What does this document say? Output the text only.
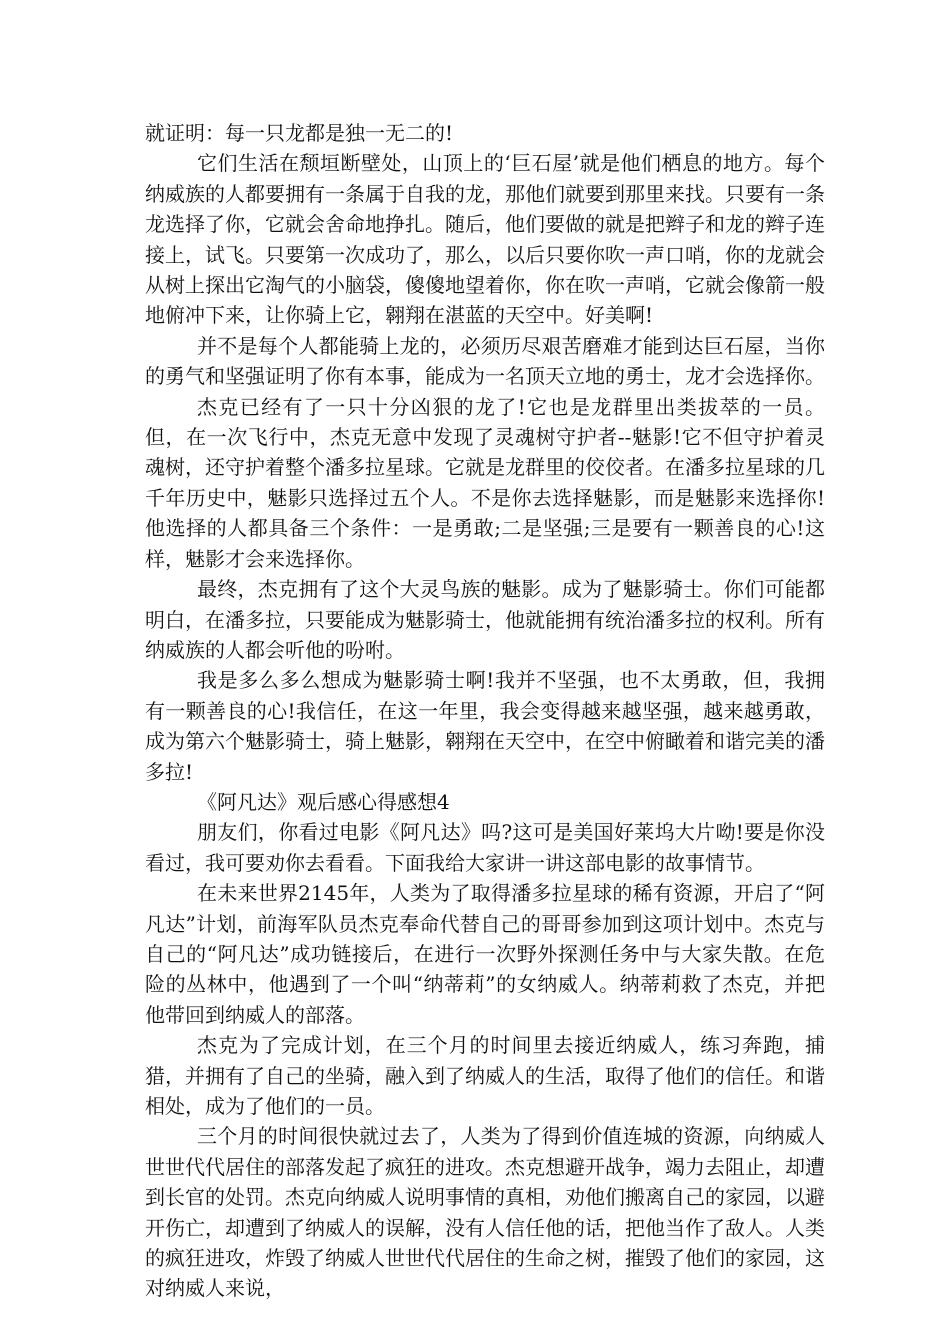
就证明：每一只龙都是独一无二的!

它们生活在颓垣断壁处，山顶上的‘巨石屋’就是他们栖息的地方。每个纳威族的人都要拥有一条属于自我的龙，那他们就要到那里来找。只要有一条龙选择了你，它就会舍命地挣扎。随后，他们要做的就是把辫子和龙的辫子连接上，试飞。只要第一次成功了，那么，以后只要你吹一声口哨，你的龙就会从树上探出它淘气的小脑袋，傻傻地望着你，你在吹一声哨，它就会像箭一般地俯冲下来，让你骑上它，翱翔在湛蓝的天空中。好美啊!

并不是每个人都能骑上龙的，必须历尽艰苦磨难才能到达巨石屋，当你的勇气和坚强证明了你有本事，能成为一名顶天立地的勇士，龙才会选择你。

杰克已经有了一只十分凶狠的龙了!它也是龙群里出类拔萃的一员。但，在一次飞行中，杰克无意中发现了灵魂树守护者--魅影!它不但守护着灵魂树，还守护着整个潘多拉星球。它就是龙群里的佼佼者。在潘多拉星球的几千年历史中，魅影只选择过五个人。不是你去选择魅影，而是魅影来选择你!他选择的人都具备三个条件：一是勇敢;二是坚强;三是要有一颗善良的心!这样，魅影才会来选择你。

最终，杰克拥有了这个大灵鸟族的魅影。成为了魅影骑士。你们可能都明白，在潘多拉，只要能成为魅影骑士，他就能拥有统治潘多拉的权利。所有纳威族的人都会听他的吩咐。

我是多么多么想成为魅影骑士啊!我并不坚强，也不太勇敢，但，我拥有一颗善良的心!我信任，在这一年里，我会变得越来越坚强，越来越勇敢，成为第六个魅影骑士，骑上魅影，翱翔在天空中，在空中俯瞰着和谐完美的潘多拉!

《阿凡达》观后感心得感想4

朋友们，你看过电影《阿凡达》吗?这可是美国好莱坞大片呦!要是你没看过，我可要劝你去看看。下面我给大家讲一讲这部电影的故事情节。

在未来世界2145年，人类为了取得潘多拉星球的稀有资源，开启了“阿凡达”计划，前海军队员杰克奉命代替自己的哥哥参加到这项计划中。杰克与自己的“阿凡达”成功链接后，在进行一次野外探测任务中与大家失散。在危险的丛林中，他遇到了一个叫“纳蒂莉”的女纳威人。纳蒂莉救了杰克，并把他带回到纳威人的部落。

杰克为了完成计划，在三个月的时间里去接近纳威人，练习奔跑，捕猎，并拥有了自己的坐骑，融入到了纳威人的生活，取得了他们的信任。和谐相处，成为了他们的一员。

三个月的时间很快就过去了，人类为了得到价值连城的资源，向纳威人世世代代居住的部落发起了疯狂的进攻。杰克想避开战争，竭力去阻止，却遭到长官的处罚。杰克向纳威人说明事情的真相，劝他们搬离自己的家园，以避开伤亡，却遭到了纳威人的误解，没有人信任他的话，把他当作了敌人。人类的疯狂进攻，炸毁了纳威人世世代代居住的生命之树，摧毁了他们的家园，这对纳威人来说，
